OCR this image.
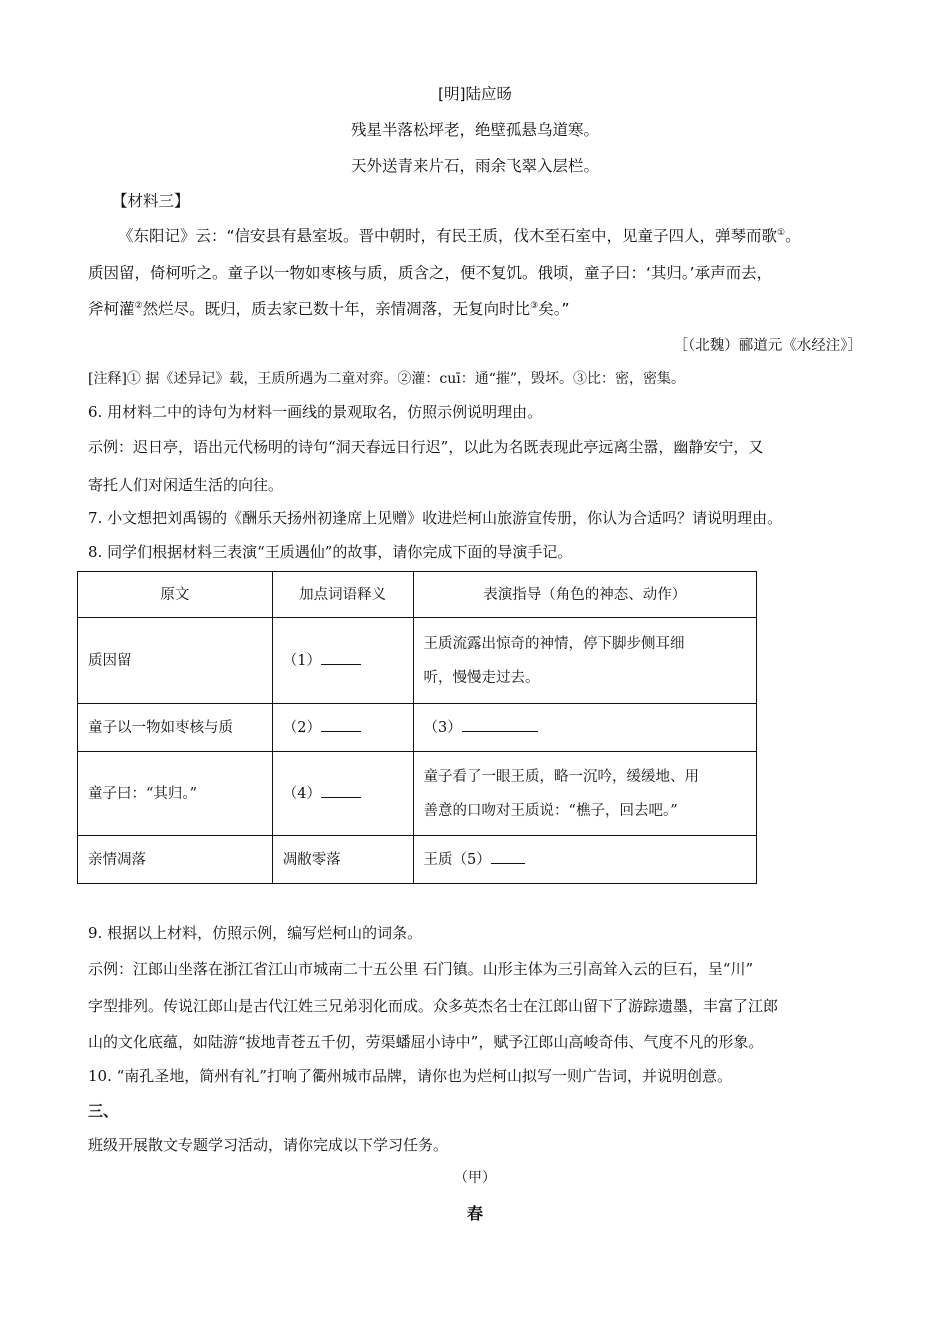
[明]陆应旸
残星半落松坪老，绝壁孤悬乌道寒。
天外送青来片石，雨余飞翠入层栏。
【材料三】
《东阳记》云：“信安县有悬室坂。晋中朝时，有民王质，伐木至石室中，见童子四人，弹琴而歌①。
质因留，倚柯听之。童子以一物如枣核与质，质含之，便不复饥。俄顷，童子曰：‘其归。’承声而去，
斧柯灌②然烂尽。既归，质去家已数十年，亲情凋落，无复向时比③矣。”
［（北魏）郦道元《水经注》］
[注释]① 据《述异记》载，王质所遇为二童对弈。②灌：cuī：通“摧”，毁坏。③比：密，密集。
6. 用材料二中的诗句为材料一画线的景观取名，仿照示例说明理由。
示例：迟日亭，语出元代杨明的诗句“洞天春远日行迟”，以此为名既表现此亭远离尘嚣，幽静安宁，又
寄托人们对闲适生活的向往。
7. 小文想把刘禹锡的《酬乐天扬州初逢席上见赠》收进烂柯山旅游宣传册，你认为合适吗？请说明理由。
8. 同学们根据材料三表演“王质遇仙”的故事，请你完成下面的导演手记。
原文	加点词语释义	表演指导（角色的神态、动作）
质因留	（1）	王质流露出惊奇的神情，停下脚步侧耳细
听，慢慢走过去。

童子以一物如枣核与质	（2）	（3）
童子曰：“其归。”	（4）	童子看了一眼王质，略一沉吟，缓缓地、用
善意的口吻对王质说：“樵子，回去吧。”

亲情凋落	凋敝零落	王质（5）
9. 根据以上材料，仿照示例，编写烂柯山的词条。
示例：江郎山坐落在浙江省江山市城南二十五公里 石门镇。山形主体为三引高耸入云的巨石，呈“川”
字型排列。传说江郎山是古代江姓三兄弟羽化而成。众多英杰名士在江郎山留下了游踪遗墨，丰富了江郎
山的文化底蕴，如陆游“拔地青苍五千仞，劳渠蟠屈小诗中”，赋予江郎山高峻奇伟、气度不凡的形象。
10. “南孔圣地，简州有礼”打响了衢州城市品牌，请你也为烂柯山拟写一则广告词，并说明创意。
三、
班级开展散文专题学习活动，请你完成以下学习任务。
（甲）
春
